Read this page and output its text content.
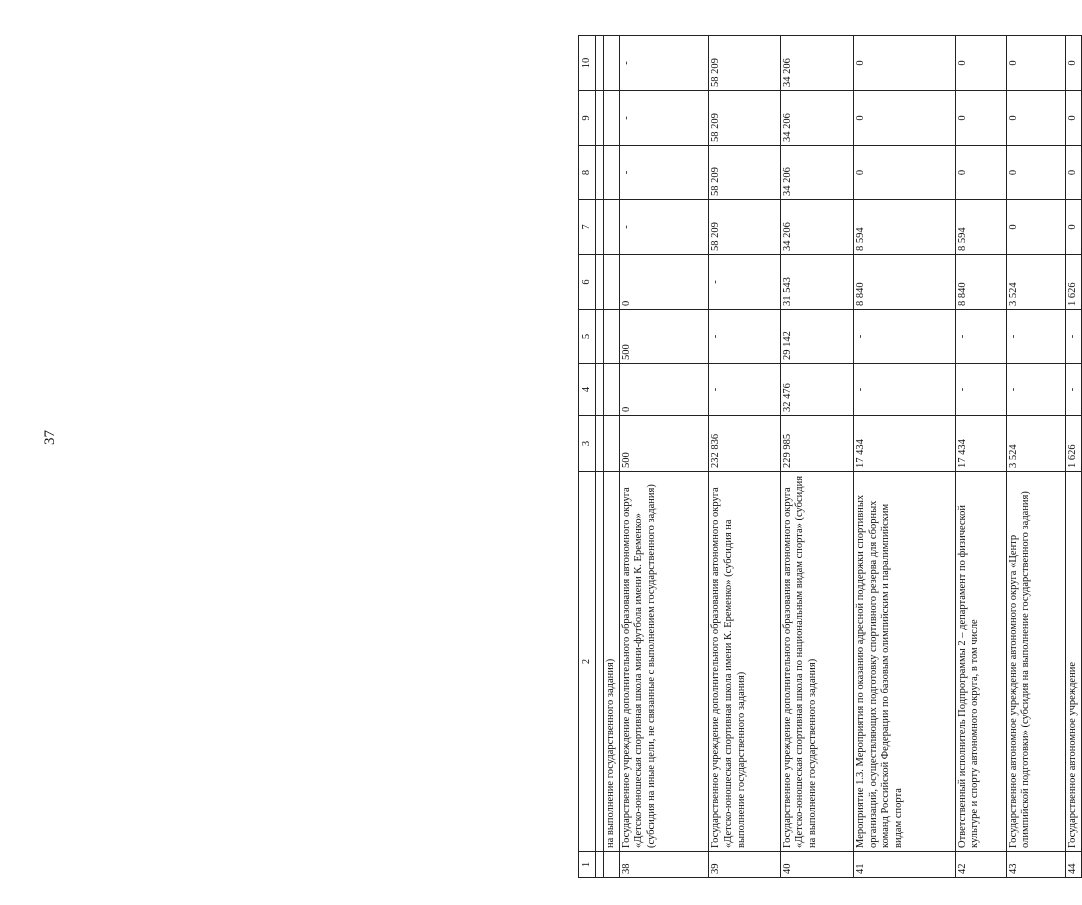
37
1	2	3	4	5	6	7	8	9	10

	на выполнение государственного задания)								
38	Государственное учреждение дополнительного образования автономного округа «Детско-юношеская спортивная школа мини-футбола имени К. Еременко» (субсидия на иные цели, не связанные с выполнением государственного задания)	500	0	500	0	-	-	-	-
39	Государственное учреждение дополнительного образования автономного округа «Детско-юношеская спортивная школа имени К. Еременко» (субсидия на выполнение государственного задания)	232 836	-	-	-	58 209	58 209	58 209	58 209
40	Государственное учреждение дополнительного образования автономного округа «Детско-юношеская спортивная школа по национальным видам спорта» (субсидия на выполнение государственного задания)	229 985	32 476	29 142	31 543	34 206	34 206	34 206	34 206
41	Мероприятие 1.3. Мероприятия по оказанию адресной поддержки спортивных организаций, осуществляющих подготовку спортивного резерва для сборных команд Российской Федерации по базовым олимпийским и паралимпийским видам спорта	17 434	-	-	8 840	8 594	0	0	0
42	Ответственный исполнитель Подпрограммы 2 – департамент по физической культуре и спорту автономного округа, в том числе	17 434	-	-	8 840	8 594	0	0	0
43	Государственное автономное учреждение автономного округа «Центр олимпийской подготовки» (субсидия на выполнение государственного задания)	3 524	-	-	3 524	0	0	0	0
44	Государственное автономное учреждение	1 626	-	-	1 626	0	0	0	0
